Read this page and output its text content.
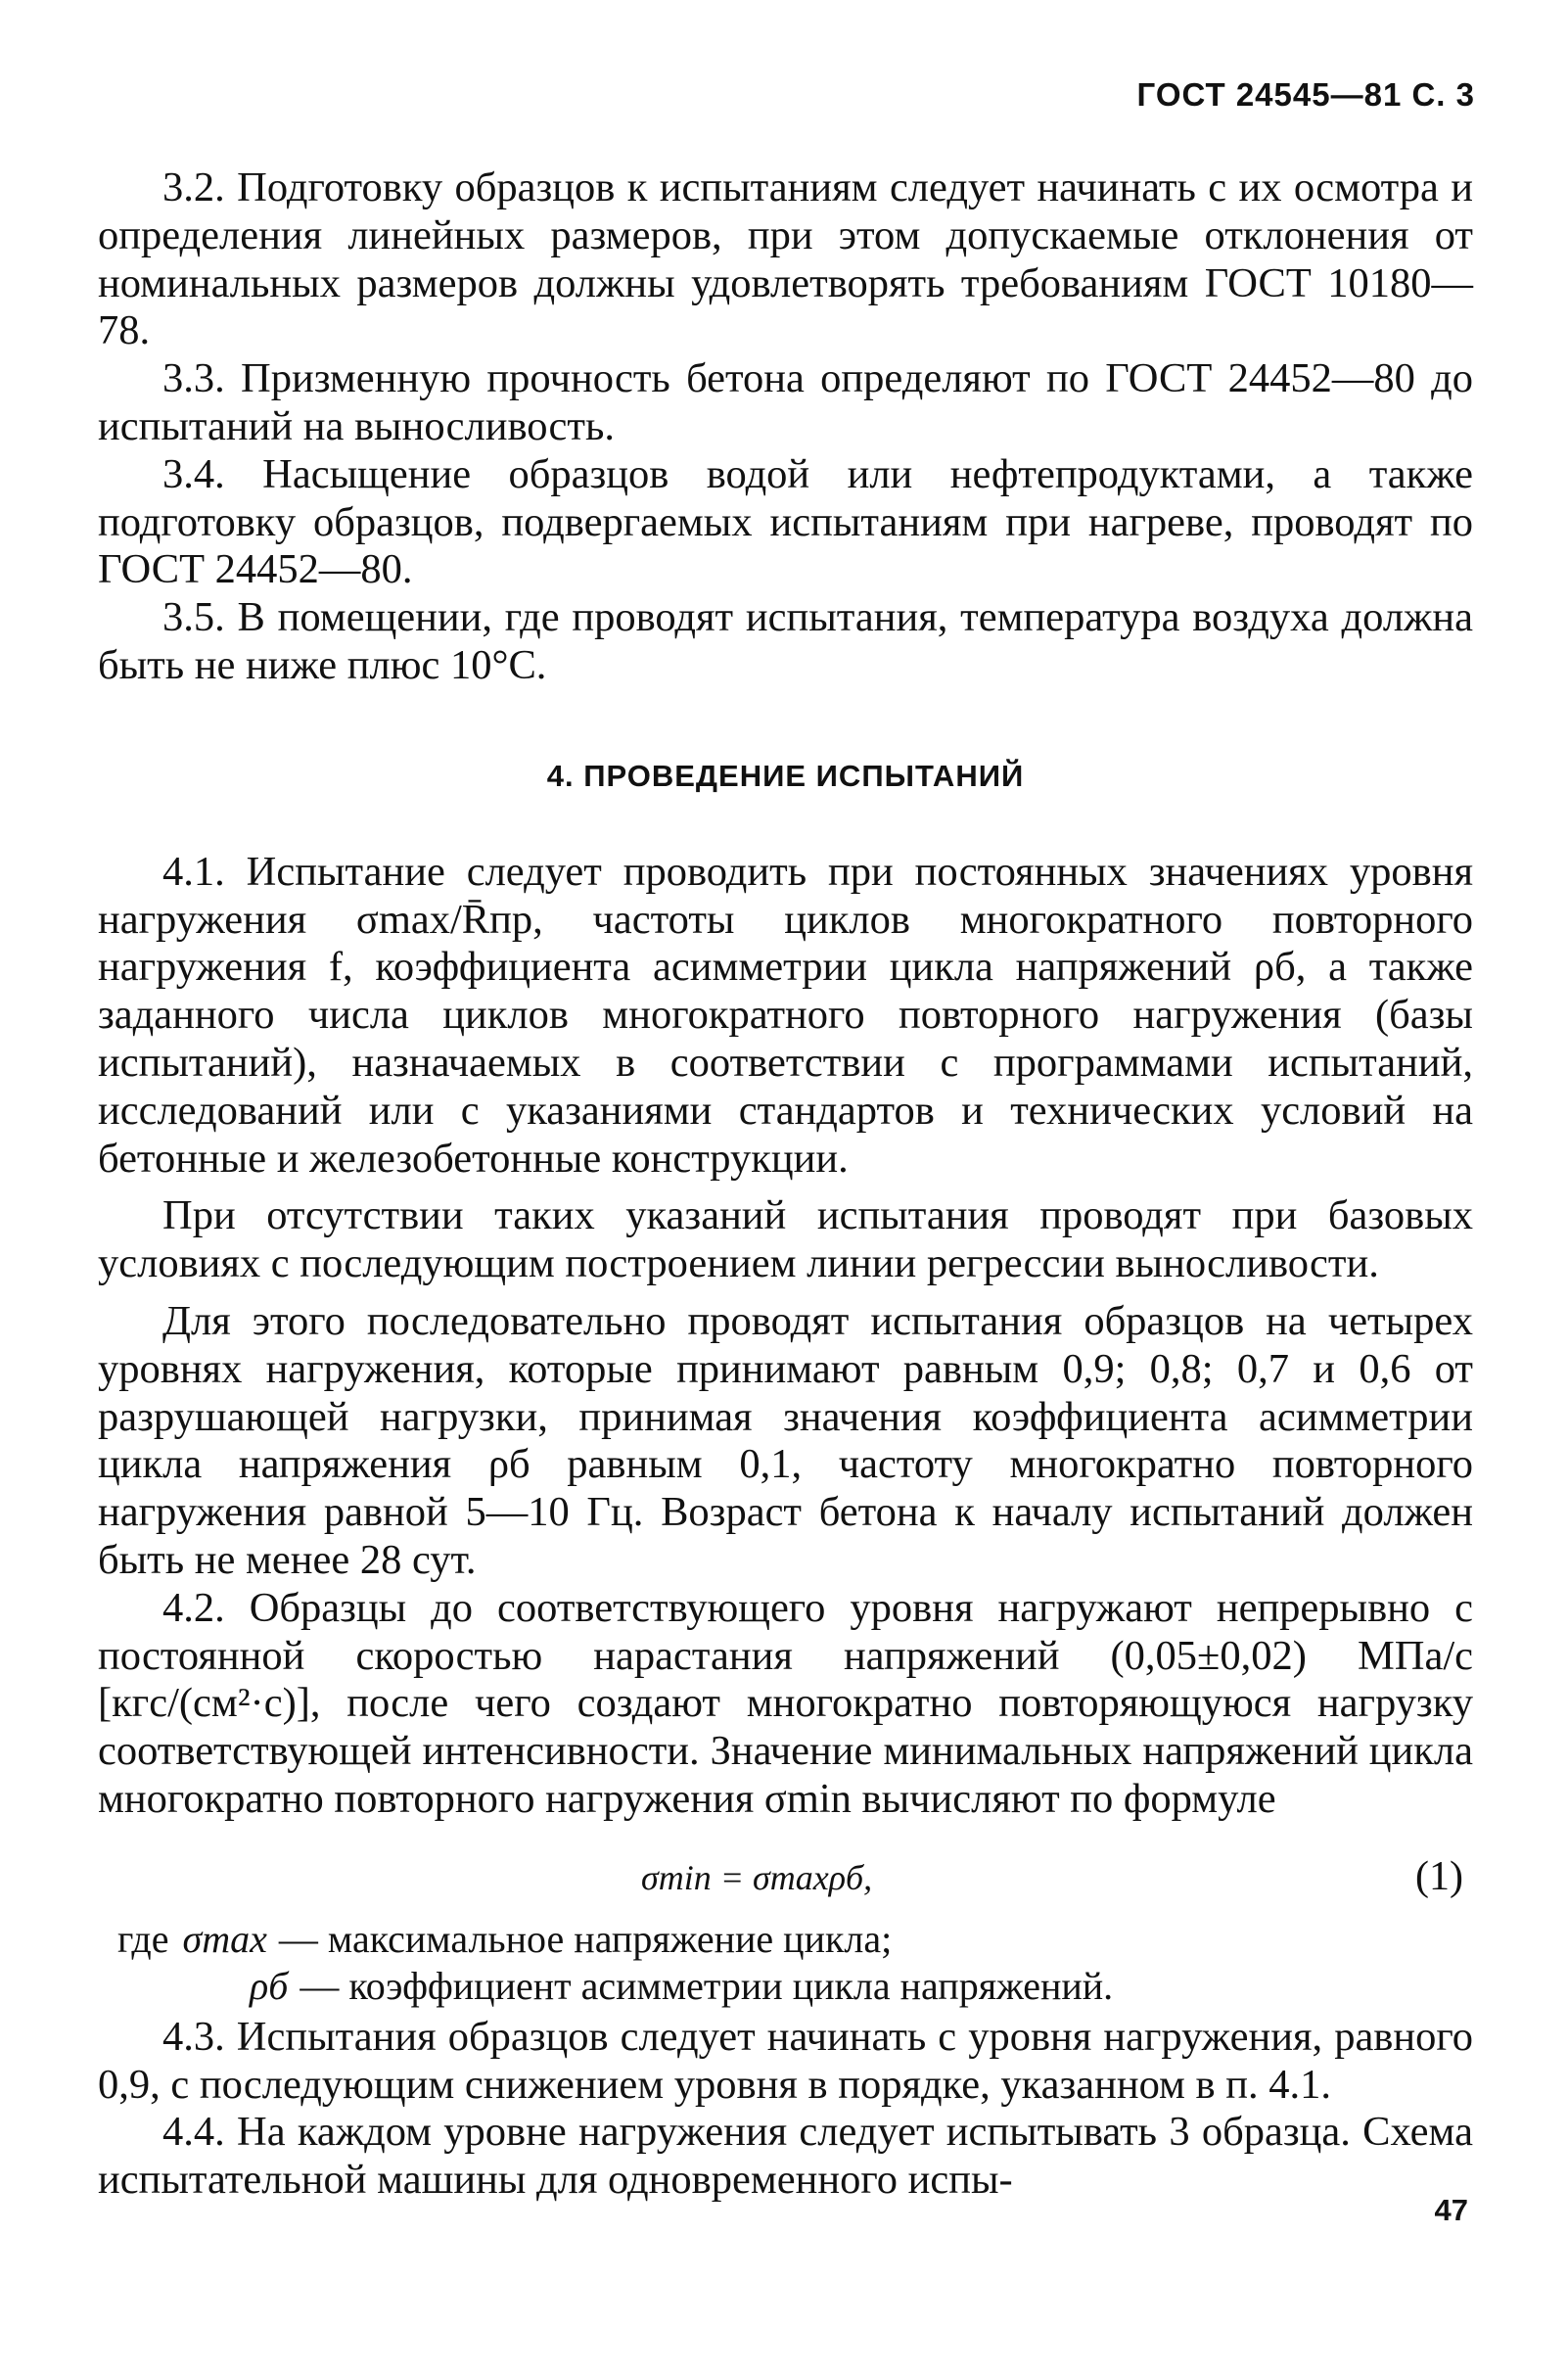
ГОСТ 24545—81 С. 3

3.2. Подготовку образцов к испытаниям следует начинать с их осмотра и определения линейных размеров, при этом допускаемые отклонения от номинальных размеров должны удовлетворять требованиям ГОСТ 10180—78.

3.3. Призменную прочность бетона определяют по ГОСТ 24452—80 до испытаний на выносливость.

3.4. Насыщение образцов водой или нефтепродуктами, а также подготовку образцов, подвергаемых испытаниям при нагреве, проводят по ГОСТ 24452—80.

3.5. В помещении, где проводят испытания, температура воздуха должна быть не ниже плюс 10°С.

4. ПРОВЕДЕНИЕ ИСПЫТАНИЙ

4.1. Испытание следует проводить при постоянных значениях уровня нагружения σmax/R̄пр, частоты циклов многократного повторного нагружения f, коэффициента асимметрии цикла напряжений ρб, а также заданного числа циклов многократного повторного нагружения (базы испытаний), назначаемых в соответствии с программами испытаний, исследований или с указаниями стандартов и технических условий на бетонные и железобетонные конструкции.

При отсутствии таких указаний испытания проводят при базовых условиях с последующим построением линии регрессии выносливости.

Для этого последовательно проводят испытания образцов на четырех уровнях нагружения, которые принимают равным 0,9; 0,8; 0,7 и 0,6 от разрушающей нагрузки, принимая значения коэффициента асимметрии цикла напряжения ρб равным 0,1, частоту многократно повторного нагружения равной 5—10 Гц. Возраст бетона к началу испытаний должен быть не менее 28 сут.

4.2. Образцы до соответствующего уровня нагружают непрерывно с постоянной скоростью нарастания напряжений (0,05±0,02) МПа/с [кгс/(см²·с)], после чего создают многократно повторяющуюся нагрузку соответствующей интенсивности. Значение минимальных напряжений цикла многократно повторного нагружения σmin вычисляют по формуле

σmin = σmaxρб,	(1)
где σmax — максимальное напряжение цикла;
ρб — коэффициент асимметрии цикла напряжений.

4.3. Испытания образцов следует начинать с уровня нагружения, равного 0,9, с последующим снижением уровня в порядке, указанном в п. 4.1.

4.4. На каждом уровне нагружения следует испытывать 3 образца. Схема испытательной машины для одновременного испы-

47
